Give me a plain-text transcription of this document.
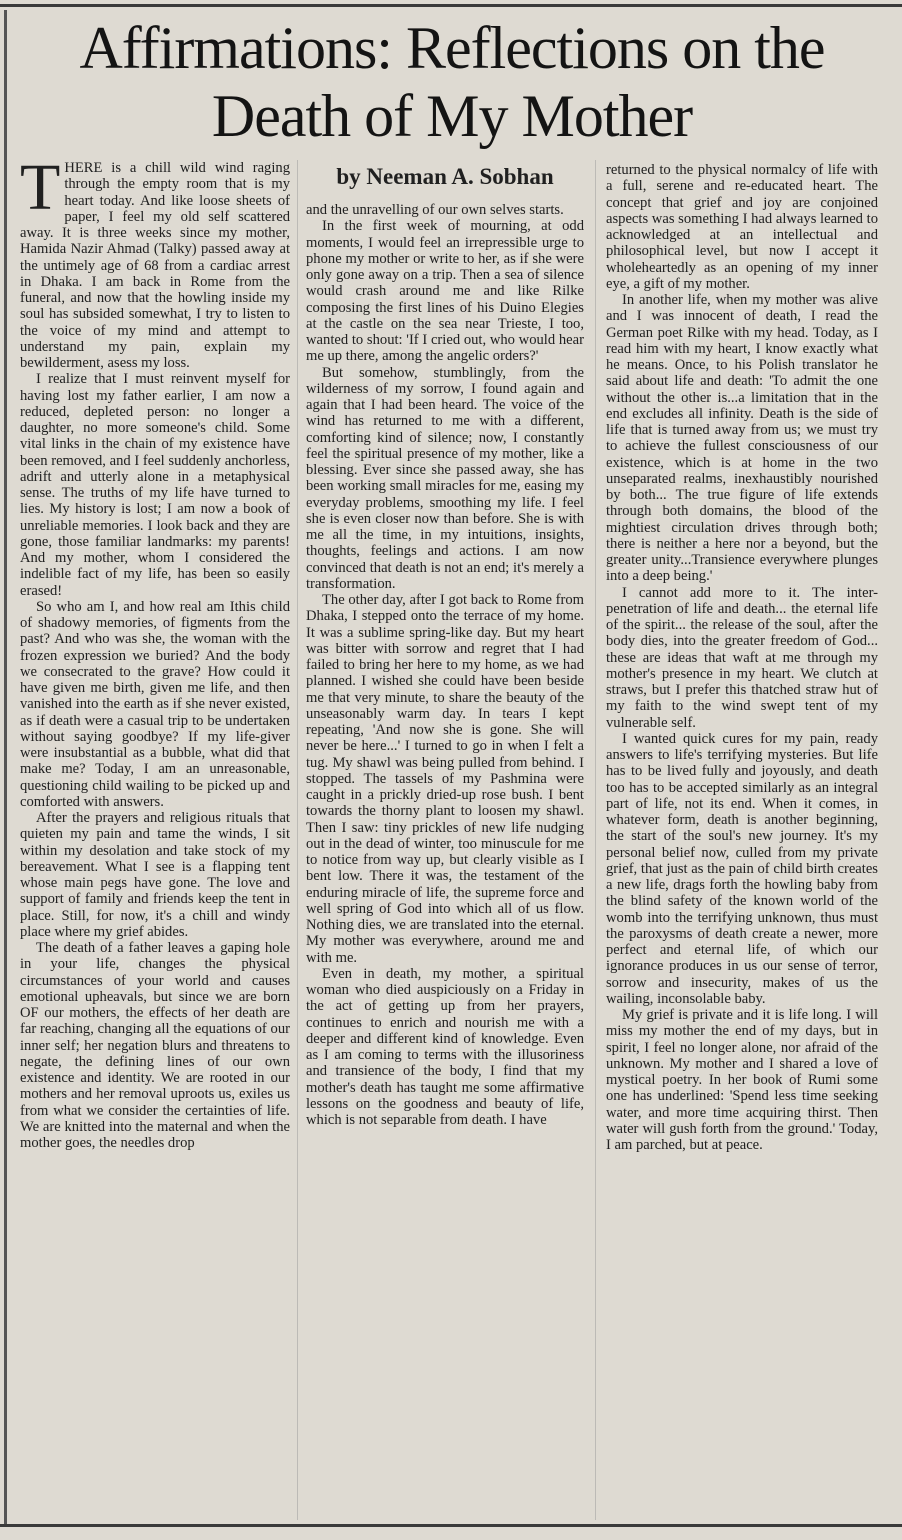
Affirmations: Reflections on the Death of My Mother

THERE is a chill wild wind raging through the empty room that is my heart today. And like loose sheets of paper, I feel my old self scattered away. It is three weeks since my mother, Hamida Nazir Ahmad (Talky) passed away at the untimely age of 68 from a cardiac arrest in Dhaka. I am back in Rome from the funeral, and now that the howling inside my soul has subsided somewhat, I try to listen to the voice of my mind and attempt to understand my pain, explain my bewilderment, asess my loss.

I realize that I must reinvent myself for having lost my father earlier, I am now a reduced, depleted person: no longer a daughter, no more someone's child. Some vital links in the chain of my existence have been removed, and I feel suddenly anchorless, adrift and utterly alone in a metaphysical sense. The truths of my life have turned to lies. My history is lost; I am now a book of unreliable memories. I look back and they are gone, those familiar landmarks: my parents! And my mother, whom I considered the indelible fact of my life, has been so easily erased!

So who am I, and how real am Ithis child of shadowy memories, of figments from the past? And who was she, the woman with the frozen expression we buried? And the body we consecrated to the grave? How could it have given me birth, given me life, and then vanished into the earth as if she never existed, as if death were a casual trip to be undertaken without saying goodbye? If my life-giver were insubstantial as a bubble, what did that make me? Today, I am an unreasonable, questioning child wailing to be picked up and comforted with answers.

After the prayers and religious rituals that quieten my pain and tame the winds, I sit within my desolation and take stock of my bereavement. What I see is a flapping tent whose main pegs have gone. The love and support of family and friends keep the tent in place. Still, for now, it's a chill and windy place where my grief abides.

The death of a father leaves a gaping hole in your life, changes the physical circumstances of your world and causes emotional upheavals, but since we are born OF our mothers, the effects of her death are far reaching, changing all the equations of our inner self; her negation blurs and threatens to negate, the defining lines of our own existence and identity. We are rooted in our mothers and her removal uproots us, exiles us from what we consider the certainties of life. We are knitted into the maternal and when the mother goes, the needles drop

by Neeman A. Sobhan

and the unravelling of our own selves starts.

In the first week of mourning, at odd moments, I would feel an irrepressible urge to phone my mother or write to her, as if she were only gone away on a trip. Then a sea of silence would crash around me and like Rilke composing the first lines of his Duino Elegies at the castle on the sea near Trieste, I too, wanted to shout: 'If I cried out, who would hear me up there, among the angelic orders?'

But somehow, stumblingly, from the wilderness of my sorrow, I found again and again that I had been heard. The voice of the wind has returned to me with a different, comforting kind of silence; now, I constantly feel the spiritual presence of my mother, like a blessing. Ever since she passed away, she has been working small miracles for me, easing my everyday problems, smoothing my life. I feel she is even closer now than before. She is with me all the time, in my intuitions, insights, thoughts, feelings and actions. I am now convinced that death is not an end; it's merely a transformation.

The other day, after I got back to Rome from Dhaka, I stepped onto the terrace of my home. It was a sublime spring-like day. But my heart was bitter with sorrow and regret that I had failed to bring her here to my home, as we had planned. I wished she could have been beside me that very minute, to share the beauty of the unseasonably warm day. In tears I kept repeating, 'And now she is gone. She will never be here...' I turned to go in when I felt a tug. My shawl was being pulled from behind. I stopped. The tassels of my Pashmina were caught in a prickly dried-up rose bush. I bent towards the thorny plant to loosen my shawl. Then I saw: tiny prickles of new life nudging out in the dead of winter, too minuscule for me to notice from way up, but clearly visible as I bent low. There it was, the testament of the enduring miracle of life, the supreme force and well spring of God into which all of us flow. Nothing dies, we are translated into the eternal. My mother was everywhere, around me and with me.

Even in death, my mother, a spiritual woman who died auspiciously on a Friday in the act of getting up from her prayers, continues to enrich and nourish me with a deeper and different kind of knowledge. Even as I am coming to terms with the illusoriness and transience of the body, I find that my mother's death has taught me some affirmative lessons on the goodness and beauty of life, which is not separable from death. I have

returned to the physical normalcy of life with a full, serene and re-educated heart. The concept that grief and joy are conjoined aspects was something I had always learned to acknowledged at an intellectual and philosophical level, but now I accept it wholeheartedly as an opening of my inner eye, a gift of my mother.

In another life, when my mother was alive and I was innocent of death, I read the German poet Rilke with my head. Today, as I read him with my heart, I know exactly what he means. Once, to his Polish translator he said about life and death: 'To admit the one without the other is...a limitation that in the end excludes all infinity. Death is the side of life that is turned away from us; we must try to achieve the fullest consciousness of our existence, which is at home in the two unseparated realms, inexhaustibly nourished by both... The true figure of life extends through both domains, the blood of the mightiest circulation drives through both; there is neither a here nor a beyond, but the greater unity...Transience everywhere plunges into a deep being.'

I cannot add more to it. The inter-penetration of life and death... the eternal life of the spirit... the release of the soul, after the body dies, into the greater freedom of God... these are ideas that waft at me through my mother's presence in my heart. We clutch at straws, but I prefer this thatched straw hut of my faith to the wind swept tent of my vulnerable self.

I wanted quick cures for my pain, ready answers to life's terrifying mysteries. But life has to be lived fully and joyously, and death too has to be accepted similarly as an integral part of life, not its end. When it comes, in whatever form, death is another beginning, the start of the soul's new journey. It's my personal belief now, culled from my private grief, that just as the pain of child birth creates a new life, drags forth the howling baby from the blind safety of the known world of the womb into the terrifying unknown, thus must the paroxysms of death create a newer, more perfect and eternal life, of which our ignorance produces in us our sense of terror, sorrow and insecurity, makes of us the wailing, inconsolable baby.

My grief is private and it is life long. I will miss my mother the end of my days, but in spirit, I feel no longer alone, nor afraid of the unknown. My mother and I shared a love of mystical poetry. In her book of Rumi some one has underlined: 'Spend less time seeking water, and more time acquiring thirst. Then water will gush forth from the ground.' Today, I am parched, but at peace.
